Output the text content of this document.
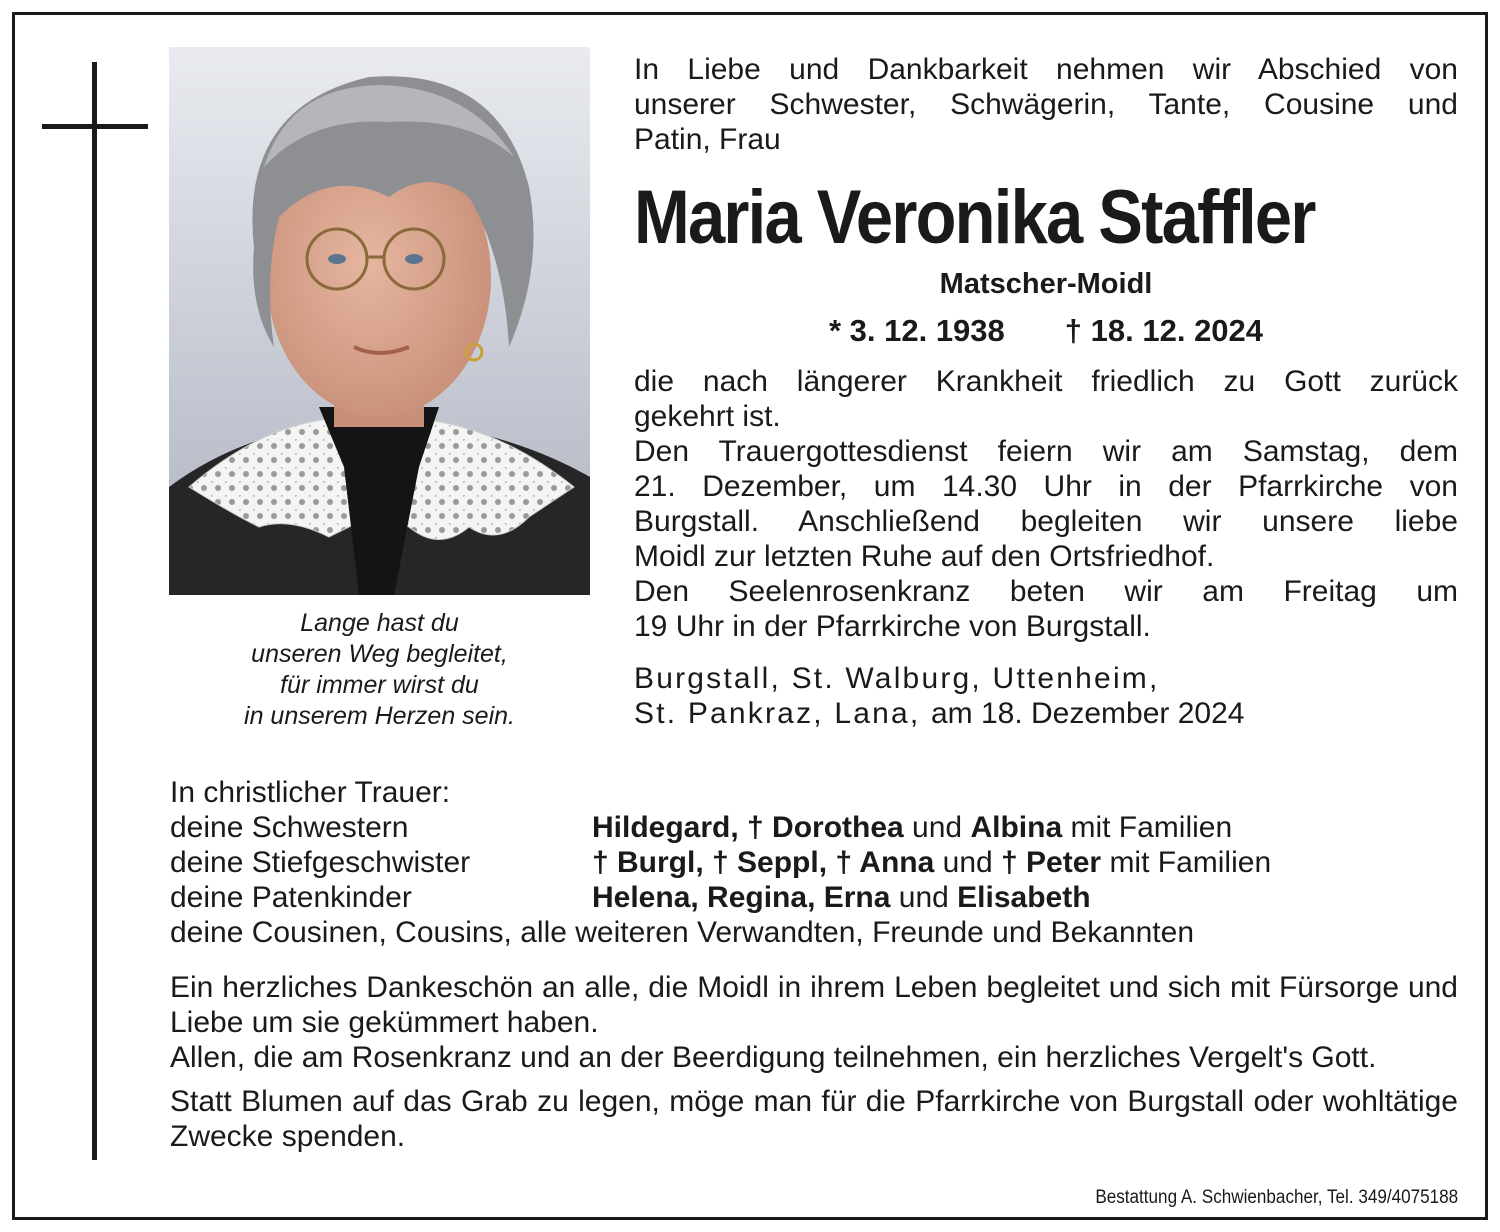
Lange hast du
unseren Weg begleitet,
für immer wirst du
in unserem Herzen sein.
In Liebe und Dankbarkeit nehmen wir Abschied von
unserer Schwester, Schwägerin, Tante, Cousine und
Patin, Frau
Maria Veronika Staffler
Matscher-Moidl
* 3. 12. 1938 † 18. 12. 2024
die nach längerer Krankheit friedlich zu Gott zurück
gekehrt ist.
Den Trauergottesdienst feiern wir am Samstag, dem
21. Dezember, um 14.30 Uhr in der Pfarrkirche von
Burgstall. Anschließend begleiten wir unsere liebe
Moidl zur letzten Ruhe auf den Ortsfriedhof.
Den Seelenrosenkranz beten wir am Freitag um
19 Uhr in der Pfarrkirche von Burgstall.
Burgstall, St. Walburg, Uttenheim,
St. Pankraz, Lana, am 18. Dezember 2024
In christlicher Trauer:
deine Schwestern	Hildegard, † Dorothea und Albina mit Familien
deine Stiefgeschwister	† Burgl, † Seppl, † Anna und † Peter mit Familien
deine Patenkinder	Helena, Regina, Erna und Elisabeth
deine Cousinen, Cousins, alle weiteren Verwandten, Freunde und Bekannten

Ein herzliches Dankeschön an alle, die Moidl in ihrem Leben begleitet und sich mit Fürsorge und Liebe um sie gekümmert haben.

Allen, die am Rosenkranz und an der Beerdigung teilnehmen, ein herzliches Vergelt's Gott.

Statt Blumen auf das Grab zu legen, möge man für die Pfarrkirche von Burgstall oder wohltätige Zwecke spenden.

Bestattung A. Schwienbacher, Tel. 349/4075188
